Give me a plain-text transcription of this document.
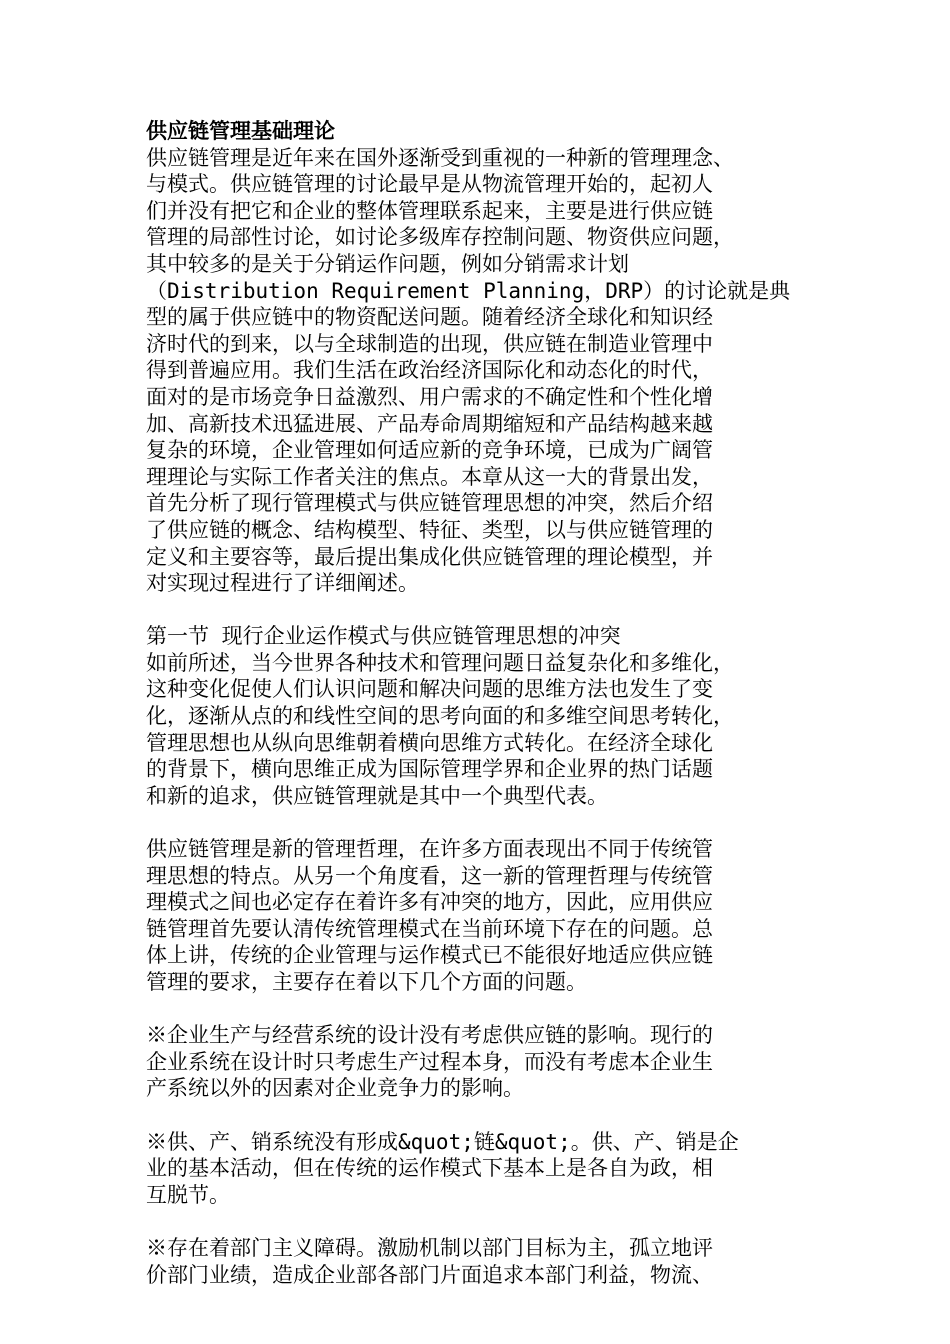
供应链管理基础理论
供应链管理是近年来在国外逐渐受到重视的一种新的管理理念、
与模式。供应链管理的讨论最早是从物流管理开始的，起初人
们并没有把它和企业的整体管理联系起来，主要是进行供应链
管理的局部性讨论，如讨论多级库存控制问题、物资供应问题，
其中较多的是关于分销运作问题，例如分销需求计划
（Distribution Requirement Planning，DRP）的讨论就是典
型的属于供应链中的物资配送问题。随着经济全球化和知识经
济时代的到来，以与全球制造的出现，供应链在制造业管理中
得到普遍应用。我们生活在政治经济国际化和动态化的时代，
面对的是市场竞争日益激烈、用户需求的不确定性和个性化增
加、高新技术迅猛进展、产品寿命周期缩短和产品结构越来越
复杂的环境，企业管理如何适应新的竞争环境，已成为广阔管
理理论与实际工作者关注的焦点。本章从这一大的背景出发，
首先分析了现行管理模式与供应链管理思想的冲突，然后介绍
了供应链的概念、结构模型、特征、类型，以与供应链管理的
定义和主要容等，最后提出集成化供应链管理的理论模型，并
对实现过程进行了详细阐述。
第一节 现行企业运作模式与供应链管理思想的冲突
如前所述，当今世界各种技术和管理问题日益复杂化和多维化，
这种变化促使人们认识问题和解决问题的思维方法也发生了变
化，逐渐从点的和线性空间的思考向面的和多维空间思考转化，
管理思想也从纵向思维朝着横向思维方式转化。在经济全球化
的背景下，横向思维正成为国际管理学界和企业界的热门话题
和新的追求，供应链管理就是其中一个典型代表。
供应链管理是新的管理哲理，在许多方面表现出不同于传统管
理思想的特点。从另一个角度看，这一新的管理哲理与传统管
理模式之间也必定存在着许多有冲突的地方，因此，应用供应
链管理首先要认清传统管理模式在当前环境下存在的问题。总
体上讲，传统的企业管理与运作模式已不能很好地适应供应链
管理的要求，主要存在着以下几个方面的问题。
※企业生产与经营系统的设计没有考虑供应链的影响。现行的
企业系统在设计时只考虑生产过程本身，而没有考虑本企业生
产系统以外的因素对企业竞争力的影响。
※供、产、销系统没有形成&quot;链&quot;。供、产、销是企
业的基本活动，但在传统的运作模式下基本上是各自为政，相
互脱节。
※存在着部门主义障碍。激励机制以部门目标为主，孤立地评
价部门业绩，造成企业部各部门片面追求本部门利益，物流、
